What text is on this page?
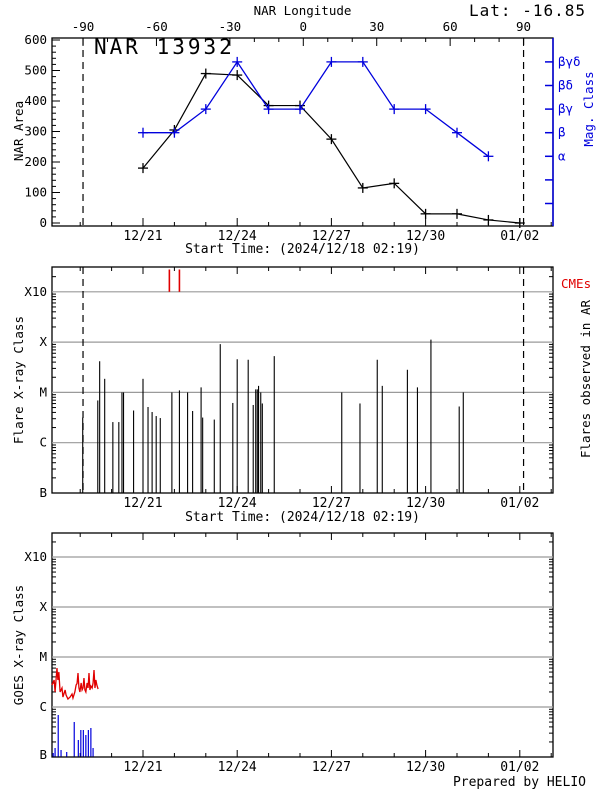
-90	-60	-30	0	30	60	90
0
100
200
300
400
500
600
12/21	12/24	12/27	12/30	01/02
βγδ
βδ
βγ
β
α
B
C
M
X
X10
12/21	12/24	12/27	12/30	01/02
B
C
M
X
X10
12/21	12/24	12/27	12/30	01/02
Lat: -16.85
NAR Longitude
NAR 13932
NAR Area	Mag. Class
Start Time: (2024/12/18 02:19)
Flare X-ray Class
CMEs
Flares observed in AR
Start Time: (2024/12/18 02:19)
GOES X-ray Class
Prepared by HELIO
